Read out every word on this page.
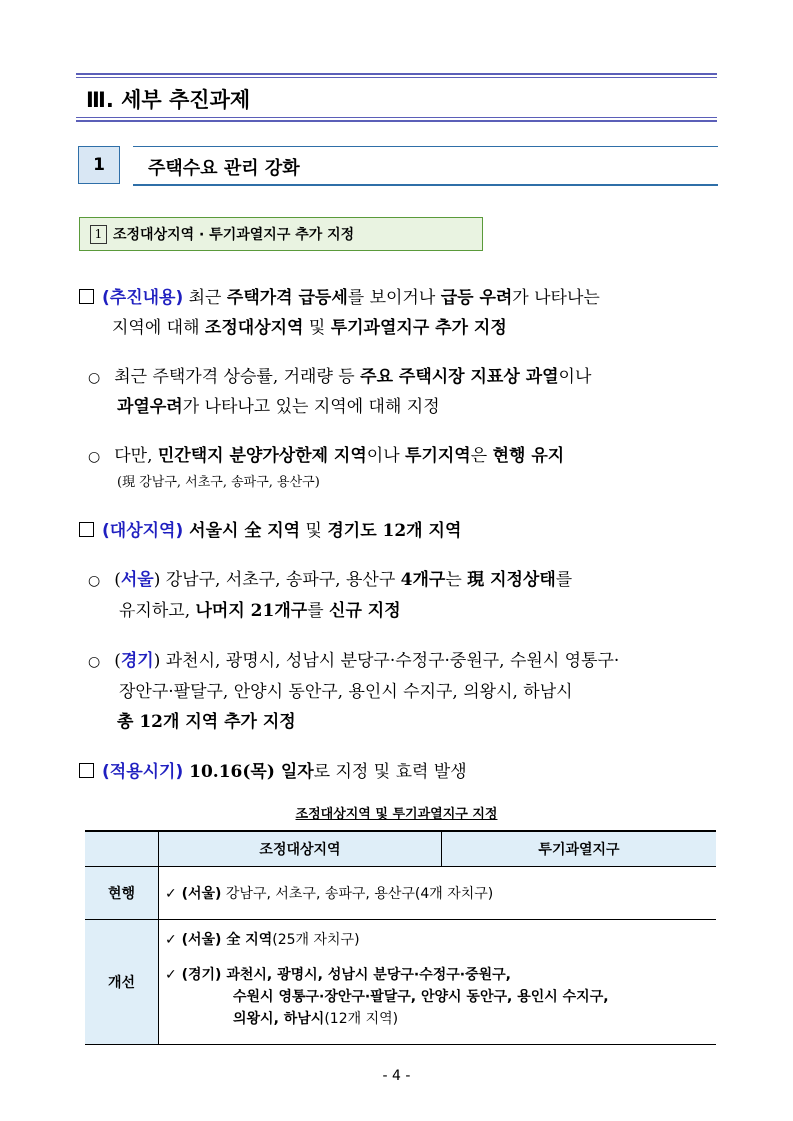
Ⅲ. 세부 추진과제
1	주택수요 관리 강화
1 조정대상지역 · 투기과열지구 추가 지정
(추진내용) 최근 주택가격 급등세를 보이거나 급등 우려가 나타나는
지역에 대해 조정대상지역 및 투기과열지구 추가 지정
○ 최근 주택가격 상승률, 거래량 등 주요 주택시장 지표상 과열이나
과열우려가 나타나고 있는 지역에 대해 지정
○ 다만, 민간택지 분양가상한제 지역이나 투기지역은 현행 유지
(現 강남구, 서초구, 송파구, 용산구)
(대상지역) 서울시 全 지역 및 경기도 12개 지역
○ (서울) 강남구, 서초구, 송파구, 용산구 4개구는 現 지정상태를
유지하고, 나머지 21개구를 신규 지정
○ (경기) 과천시, 광명시, 성남시 분당구·수정구·중원구, 수원시 영통구·
장안구·팔달구, 안양시 동안구, 용인시 수지구, 의왕시, 하남시
총 12개 지역 추가 지정
(적용시기) 10.16(목) 일자로 지정 및 효력 발생
조정대상지역 및 투기과열지구 지정
	조정대상지역	투기과열지구
현행	✓ (서울) 강남구, 서초구, 송파구, 용산구(4개 자치구)	
개선	✓ (서울) 全 지역(25개 자치구)
✓ (경기) 과천시, 광명시, 성남시 분당구·수정구·중원구,
수원시 영통구·장안구·팔달구, 안양시 동안구, 용인시 수지구,
의왕시, 하남시(12개 지역)	
- 4 -
